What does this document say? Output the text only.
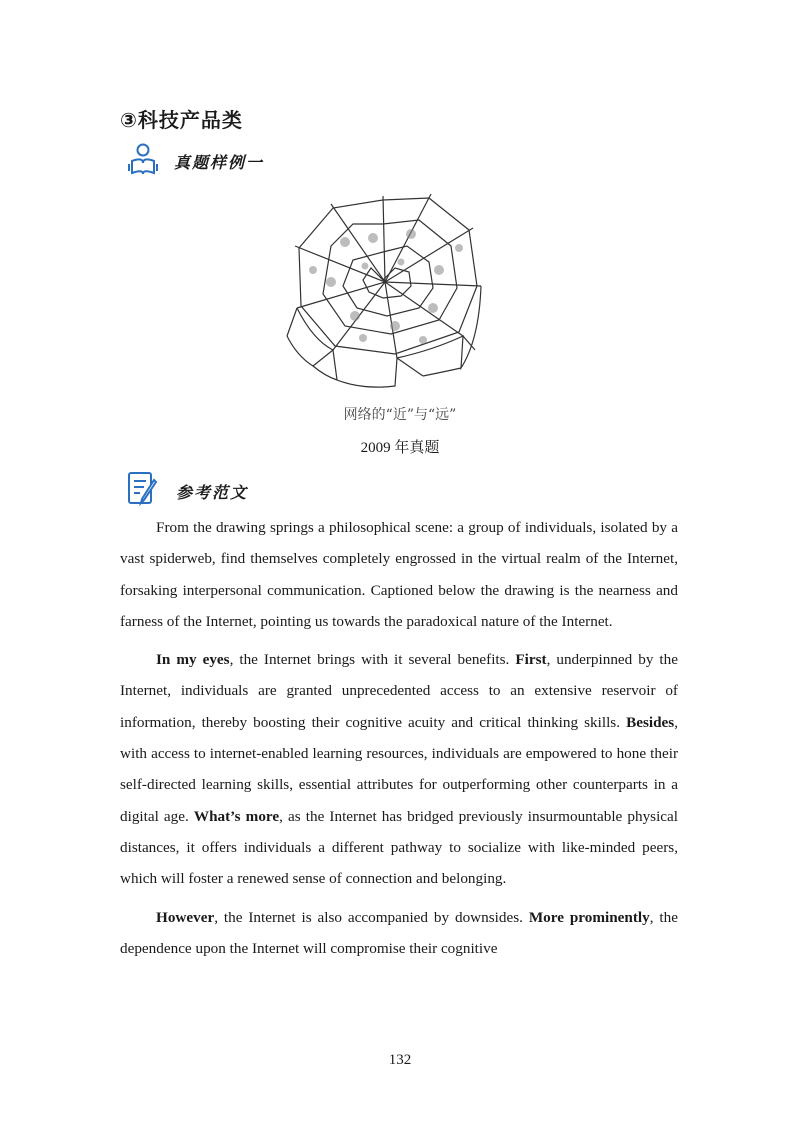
③科技产品类
真题样例一
网络的“近”与“远”
2009 年真题
参考范文

From the drawing springs a philosophical scene: a group of individuals, isolated by a vast spiderweb, find themselves completely engrossed in the virtual realm of the Internet, forsaking interpersonal communication. Captioned below the drawing is the nearness and farness of the Internet, pointing us towards the paradoxical nature of the Internet.

In my eyes, the Internet brings with it several benefits. First, underpinned by the Internet, individuals are granted unprecedented access to an extensive reservoir of information, thereby boosting their cognitive acuity and critical thinking skills. Besides, with access to internet-enabled learning resources, individuals are empowered to hone their self-directed learning skills, essential attributes for outperforming other counterparts in a digital age. What’s more, as the Internet has bridged previously insurmountable physical distances, it offers individuals a different pathway to socialize with like-minded peers, which will foster a renewed sense of connection and belonging.

However, the Internet is also accompanied by downsides. More prominently, the dependence upon the Internet will compromise their cognitive

132
